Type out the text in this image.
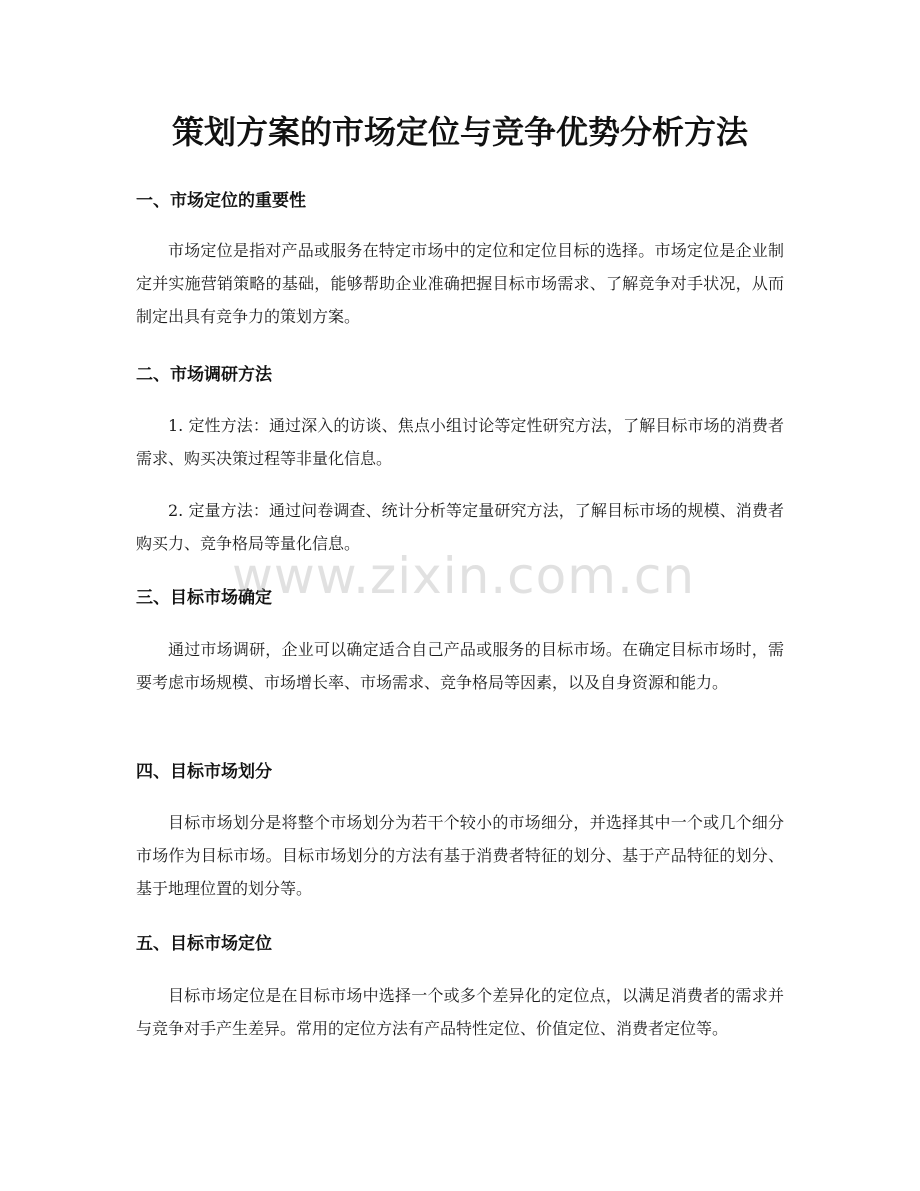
策划方案的市场定位与竞争优势分析方法
一、市场定位的重要性

市场定位是指对产品或服务在特定市场中的定位和定位目标的选择。市场定位是企业制定并实施营销策略的基础，能够帮助企业准确把握目标市场需求、了解竞争对手状况，从而制定出具有竞争力的策划方案。

二、市场调研方法

1. 定性方法：通过深入的访谈、焦点小组讨论等定性研究方法，了解目标市场的消费者需求、购买决策过程等非量化信息。

2. 定量方法：通过问卷调查、统计分析等定量研究方法，了解目标市场的规模、消费者购买力、竞争格局等量化信息。

三、目标市场确定

通过市场调研，企业可以确定适合自己产品或服务的目标市场。在确定目标市场时，需要考虑市场规模、市场增长率、市场需求、竞争格局等因素，以及自身资源和能力。

四、目标市场划分

目标市场划分是将整个市场划分为若干个较小的市场细分，并选择其中一个或几个细分市场作为目标市场。目标市场划分的方法有基于消费者特征的划分、基于产品特征的划分、基于地理位置的划分等。

五、目标市场定位

目标市场定位是在目标市场中选择一个或多个差异化的定位点，以满足消费者的需求并与竞争对手产生差异。常用的定位方法有产品特性定位、价值定位、消费者定位等。

www.zixin.com.cn
